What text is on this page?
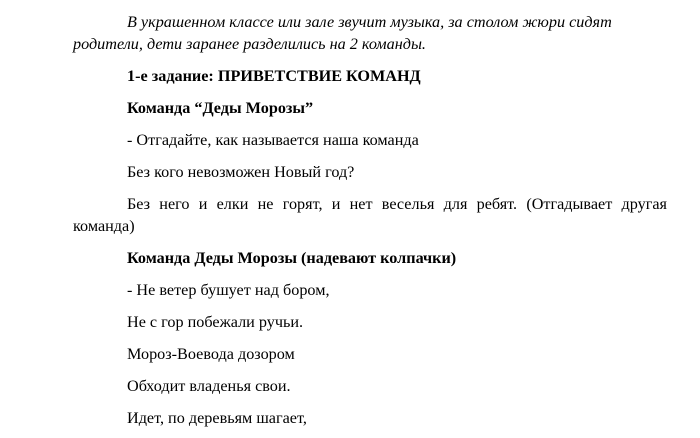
В украшенном классе или зале звучит музыка, за столом жюри сидят
родители, дети заранее разделились на 2 команды.
1-е задание: ПРИВЕТСТВИЕ КОМАНД
Команда “Деды Морозы”
- Отгадайте, как называется наша команда
Без кого невозможен Новый год?
Без него и елки не горят, и нет веселья для ребят. (Отгадывает другая
команда)
Команда Деды Морозы (надевают колпачки)
- Не ветер бушует над бором,
Не с гор побежали ручьи.
Мороз-Воевода дозором
Обходит владенья свои.
Идет, по деревьям шагает,
